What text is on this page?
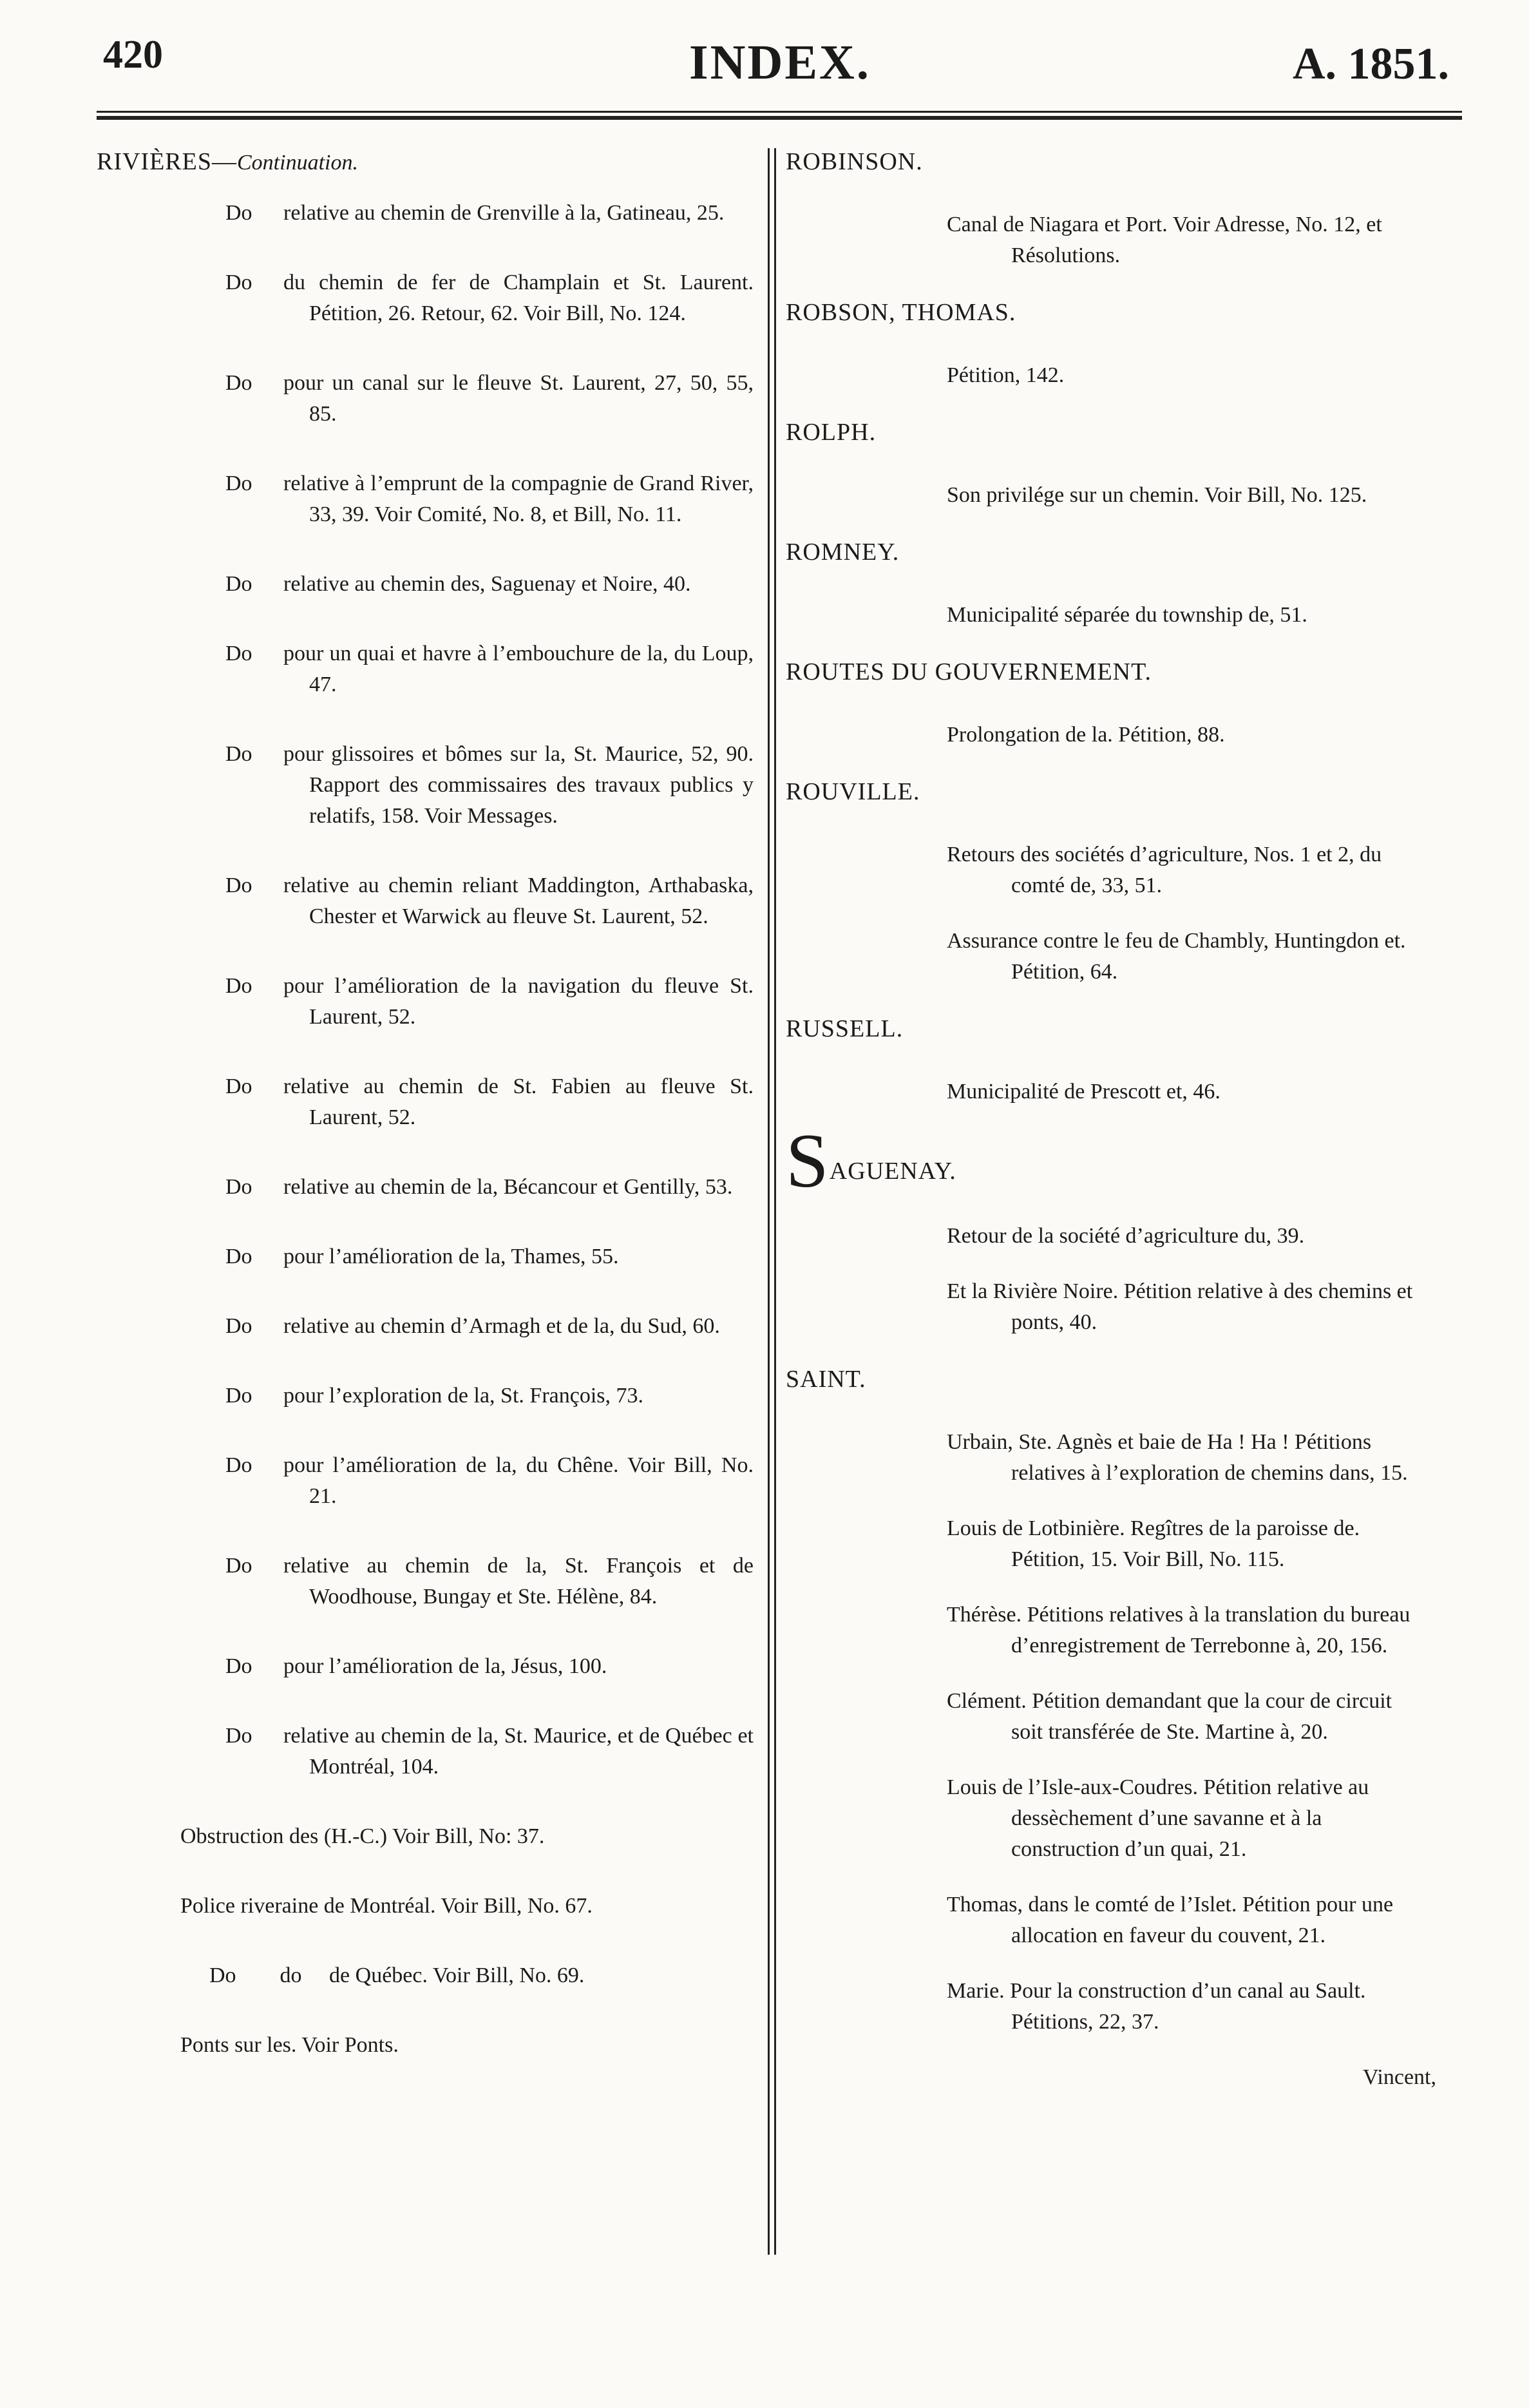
420	INDEX.	A. 1851.
RIVIÈRES—Continuation.
Do	relative au chemin de Grenville à la, Gatineau, 25.
Do	du chemin de fer de Champlain et St. Laurent. Pétition, 26. Retour, 62. Voir Bill, No. 124.
Do	pour un canal sur le fleuve St. Laurent, 27, 50, 55, 85.
Do	relative à l’emprunt de la compagnie de Grand River, 33, 39. Voir Comité, No. 8, et Bill, No. 11.
Do	relative au chemin des, Saguenay et Noire, 40.
Do	pour un quai et havre à l’embouchure de la, du Loup, 47.
Do	pour glissoires et bômes sur la, St. Maurice, 52, 90. Rapport des commissaires des travaux publics y relatifs, 158. Voir Messages.
Do	relative au chemin reliant Maddington, Arthabaska, Chester et Warwick au fleuve St. Laurent, 52.
Do	pour l’amélioration de la navigation du fleuve St. Laurent, 52.
Do	relative au chemin de St. Fabien au fleuve St. Laurent, 52.
Do	relative au chemin de la, Bécancour et Gentilly, 53.
Do	pour l’amélioration de la, Thames, 55.
Do	relative au chemin d’Armagh et de la, du Sud, 60.
Do	pour l’exploration de la, St. François, 73.
Do	pour l’amélioration de la, du Chêne. Voir Bill, No. 21.
Do	relative au chemin de la, St. François et de Woodhouse, Bungay et Ste. Hélène, 84.
Do	pour l’amélioration de la, Jésus, 100.
Do	relative au chemin de la, St. Maurice, et de Québec et Montréal, 104.
Obstruction des (H.-C.) Voir Bill, No: 37.
Police riveraine de Montréal. Voir Bill, No. 67.
Do        do     de Québec. Voir Bill, No. 69.
Ponts sur les. Voir Ponts.
ROBINSON.
Canal de Niagara et Port. Voir Adresse, No. 12, et Résolutions.
ROBSON, THOMAS.
Pétition, 142.
ROLPH.
Son privilége sur un chemin. Voir Bill, No. 125.
ROMNEY.
Municipalité séparée du township de, 51.
ROUTES DU GOUVERNEMENT.
Prolongation de la. Pétition, 88.
ROUVILLE.
Retours des sociétés d’agriculture, Nos. 1 et 2, du comté de, 33, 51.
Assurance contre le feu de Chambly, Huntingdon et. Pétition, 64.
RUSSELL.
Municipalité de Prescott et, 46.
SAGUENAY.
Retour de la société d’agriculture du, 39.
Et la Rivière Noire. Pétition relative à des chemins et ponts, 40.
SAINT.
Urbain, Ste. Agnès et baie de Ha ! Ha ! Pétitions relatives à l’exploration de chemins dans, 15.
Louis de Lotbinière. Regîtres de la paroisse de. Pétition, 15. Voir Bill, No. 115.
Thérèse. Pétitions relatives à la translation du bureau d’enregistrement de Terrebonne à, 20, 156.
Clément. Pétition demandant que la cour de circuit soit transférée de Ste. Martine à, 20.
Louis de l’Isle-aux-Coudres. Pétition relative au dessèchement d’une savanne et à la construction d’un quai, 21.
Thomas, dans le comté de l’Islet. Pétition pour une allocation en faveur du couvent, 21.
Marie. Pour la construction d’un canal au Sault. Pétitions, 22, 37.
Vincent,
